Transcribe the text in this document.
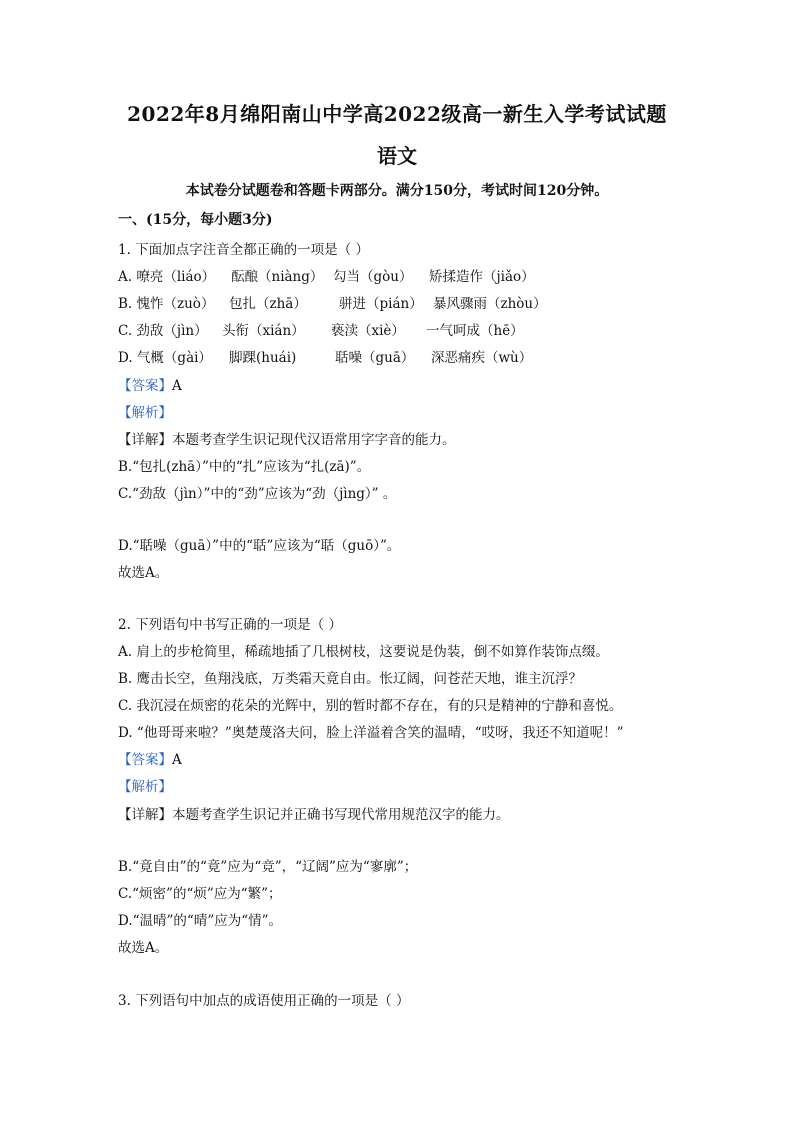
2022年8月绵阳南山中学高2022级高一新生入学考试试题
语文
本试卷分试题卷和答题卡两部分。满分150分，考试时间120分钟。
一、(15分，每小题3分)
1. 下面加点字注音全都正确的一项是（ ）
A. 嘹亮（liáo） 酝酿（niàng） 勾当（gòu） 矫揉造作（jiǎo）
B. 愧怍（zuò） 包扎（zhā） 骈进（pián） 暴风骤雨（zhòu）
C. 劲敌（jìn） 头衔（xián） 亵渎（xiè） 一气呵成（hē）
D. 气概（gài） 脚踝(huái)	聒噪（guā） 深恶痛疾（wù）
【答案】A
【解析】
【详解】本题考查学生识记现代汉语常用字字音的能力。
B.“包扎(zhā）”中的“扎”应该为“扎(zā)”。
C.“劲敌（jìn）”中的“劲”应该为“劲（jìng）” 。
D.“聒噪（guā）”中的“聒”应该为“聒（guō）”。
故选A。
2. 下列语句中书写正确的一项是（ ）
A. 肩上的步枪简里，稀疏地插了几根树枝，这要说是伪装，倒不如算作装饰点缀。
B. 鹰击长空，鱼翔浅底，万类霜天竟自由。怅辽阔，问苍茫天地，谁主沉浮？
C. 我沉浸在烦密的花朵的光辉中，别的暂时都不存在，有的只是精神的宁静和喜悦。
D. “他哥哥来啦？”奥楚蔑洛夫问，脸上洋溢着含笑的温晴，“哎呀，我还不知道呢！”
【答案】A
【解析】
【详解】本题考查学生识记并正确书写现代常用规范汉字的能力。
B.“竟自由”的“竟”应为“竞”，“辽阔”应为“寥廓”；
C.“烦密”的“烦”应为“繁”；
D.“温晴”的“晴”应为“情”。
故选A。
3. 下列语句中加点的成语使用正确的一项是（ ）
